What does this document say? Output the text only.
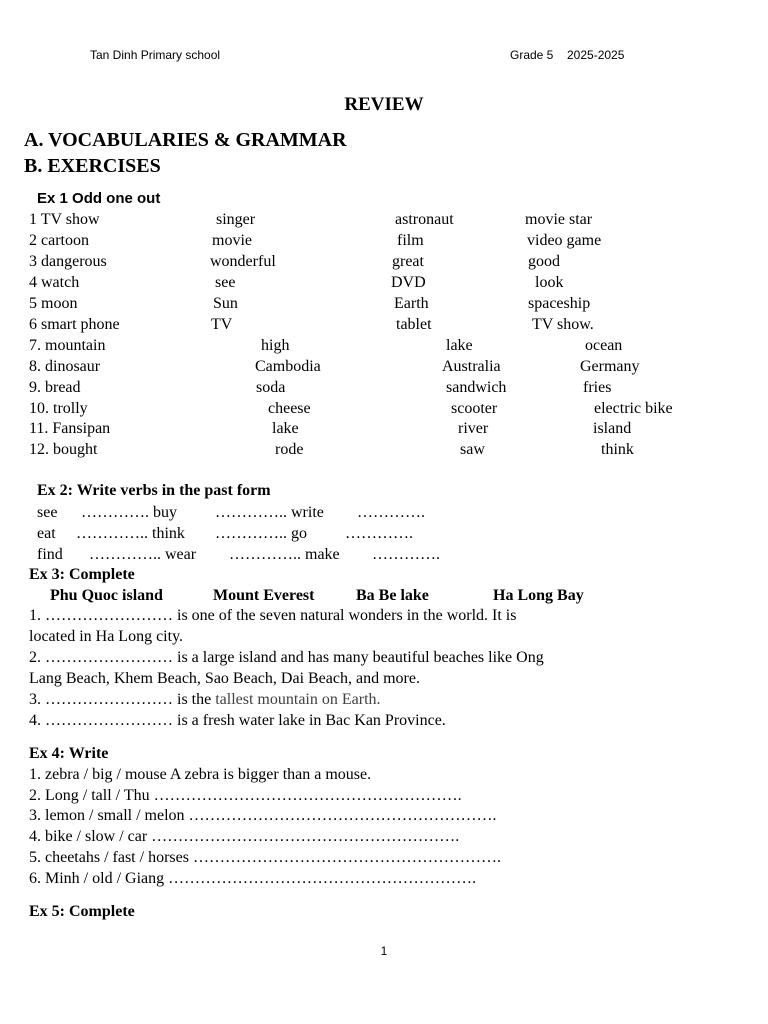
Tan Dinh Primary school	Grade 5 2025-2025
REVIEW
A. VOCABULARIES & GRAMMAR
B. EXERCISES
Ex 1 Odd one out
1 TV show	singer	astronaut	movie star
2 cartoon	movie	film	video game
3 dangerous	wonderful	great	good
4 watch	see	DVD	look
5 moon	Sun	Earth	spaceship
6 smart phone	TV	tablet	TV show.
7. mountain	high	lake	ocean
8. dinosaur	Cambodia	Australia	Germany
9. bread	soda	sandwich	fries
10. trolly	cheese	scooter	electric bike
11. Fansipan	lake	river	island
12. bought	rode	saw	think
Ex 2: Write verbs in the past form
see …………. buy ………….. write ………….
eat ………….. think ………….. go ………….
find ………….. wear ………….. make ………….
Ex 3: Complete
Phu Quoc island	Mount Everest	Ba Be lake	Ha Long Bay
1. …………………… is one of the seven natural wonders in the world. It is
located in Ha Long city.
2. …………………… is a large island and has many beautiful beaches like Ong
Lang Beach, Khem Beach, Sao Beach, Dai Beach, and more.
3. …………………… is the tallest mountain on Earth.
4. …………………… is a fresh water lake in Bac Kan Province.
Ex 4: Write
1. zebra / big / mouse A zebra is bigger than a mouse.
2. Long / tall / Thu ………………………………………………….
3. lemon / small / melon ………………………………………………….
4. bike / slow / car ………………………………………………….
5. cheetahs / fast / horses ………………………………………………….
6. Minh / old / Giang ………………………………………………….
Ex 5: Complete
1
